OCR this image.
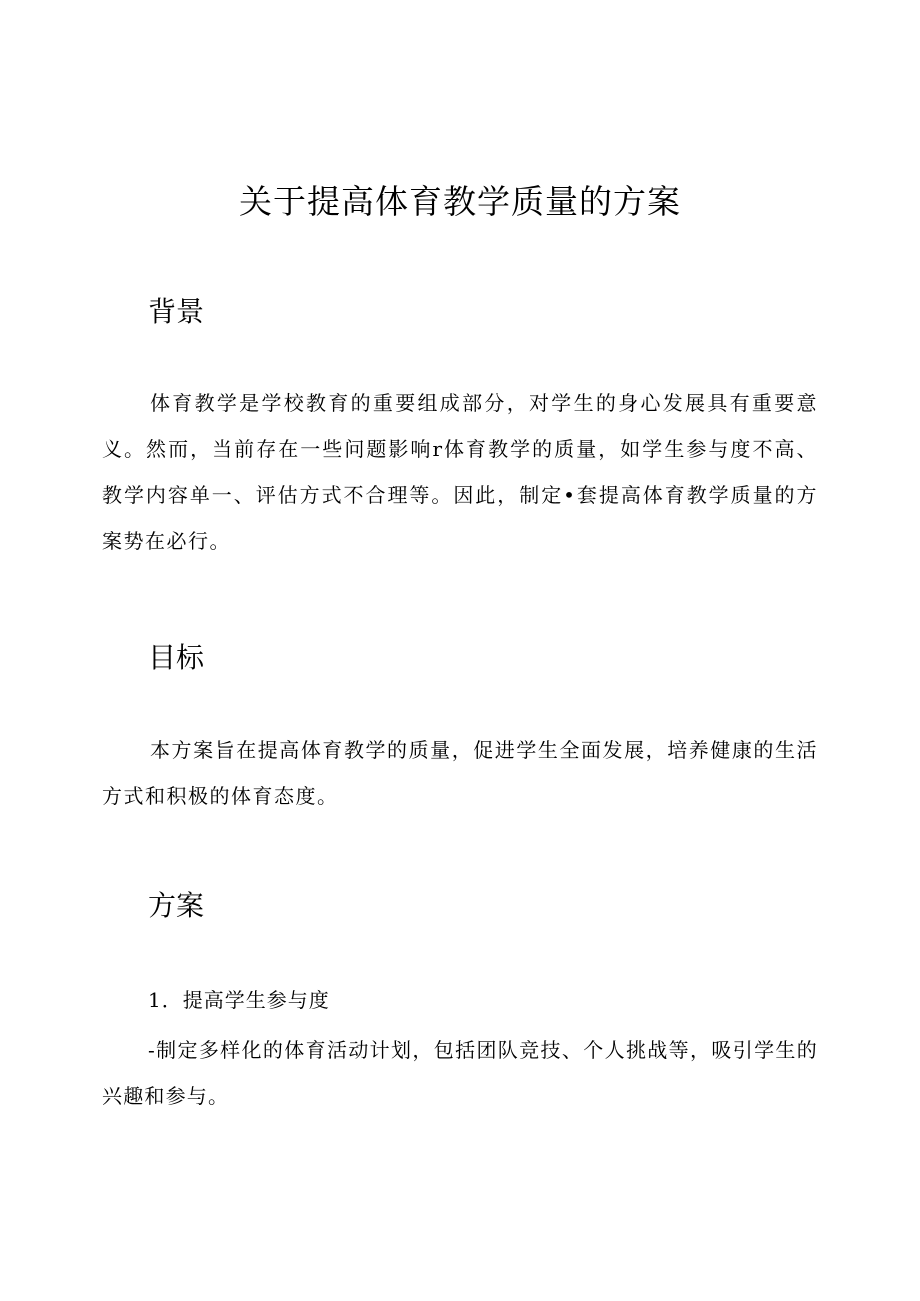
关于提高体育教学质量的方案
背景

体育教学是学校教育的重要组成部分，对学生的身心发展具有重要意义。然而，当前存在一些问题影响r体育教学的质量，如学生参与度不高、教学内容单一、评估方式不合理等。因此，制定•套提高体育教学质量的方案势在必行。

目标

本方案旨在提高体育教学的质量，促进学生全面发展，培养健康的生活方式和积极的体育态度。

方案

1．提高学生参与度

-制定多样化的体育活动计划，包括团队竞技、个人挑战等，吸引学生的兴趣和参与。
